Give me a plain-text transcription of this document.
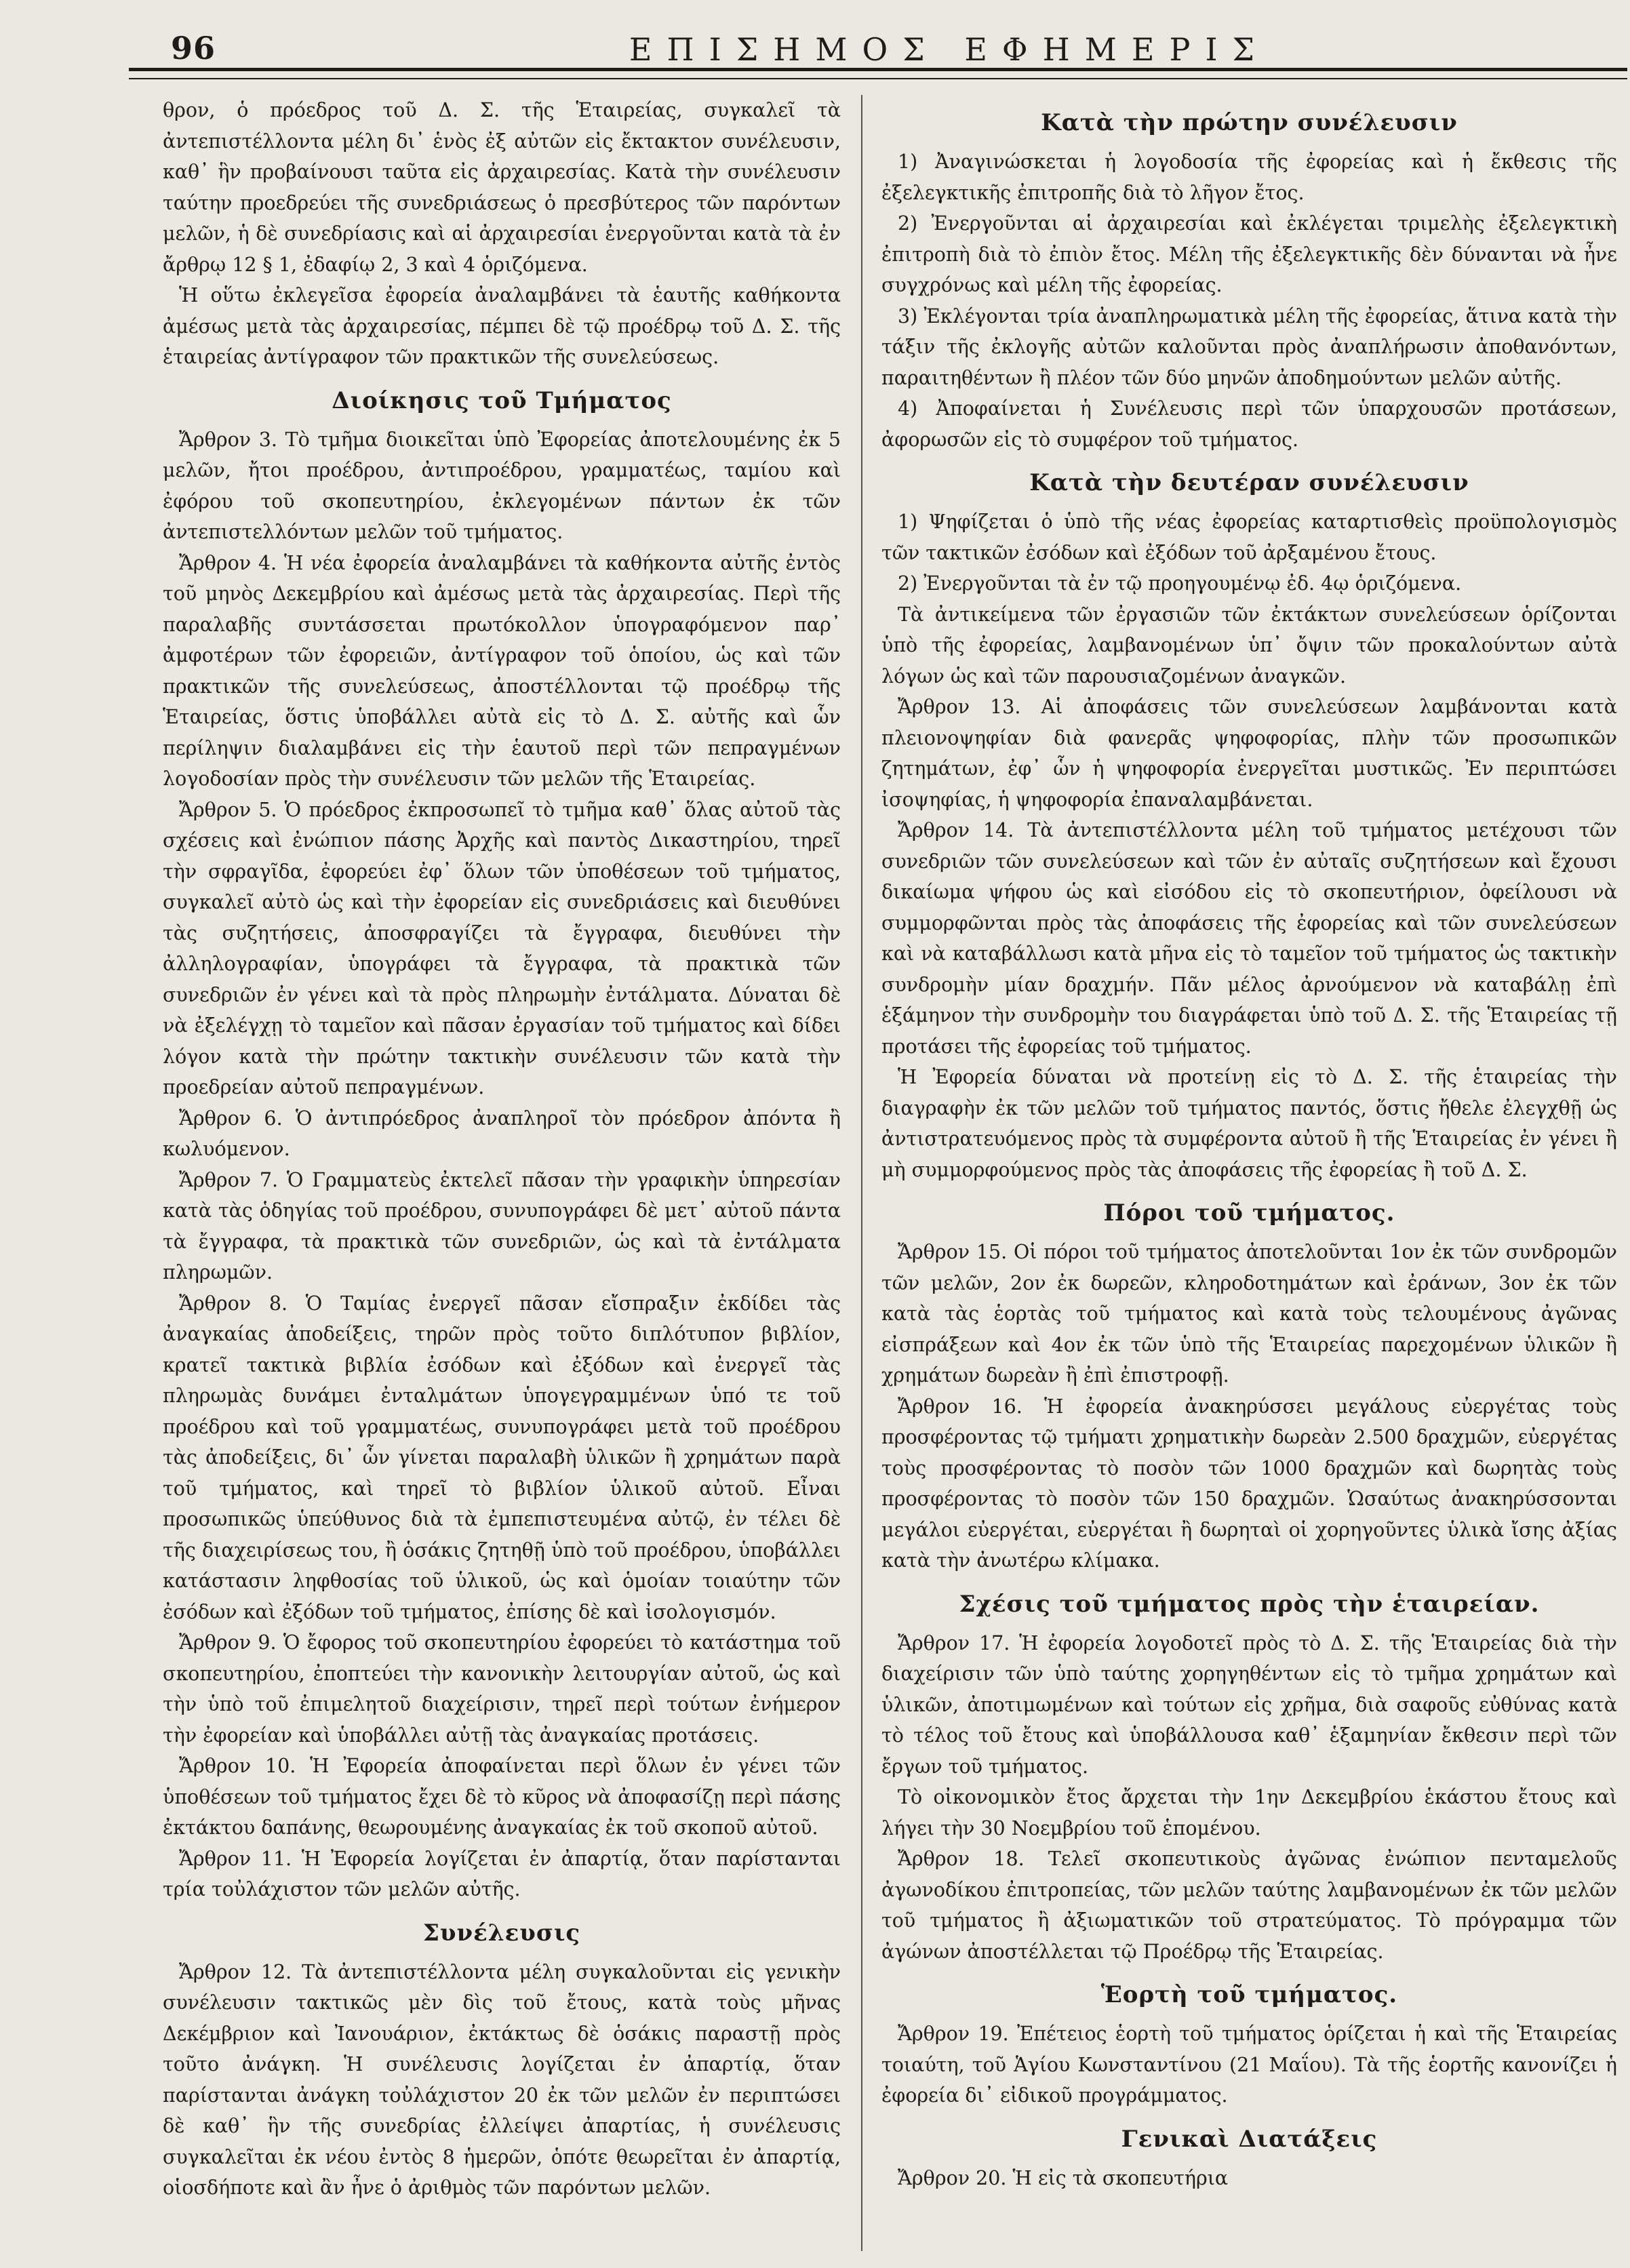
96	ΕΠΙΣΗΜΟΣ ΕΦΗΜΕΡΙΣ

θρον, ὁ πρόεδρος τοῦ Δ. Σ. τῆς Ἑταιρείας, συγκαλεῖ τὰ ἀντεπιστέλλοντα μέλη δι᾽ ἑνὸς ἐξ αὐτῶν εἰς ἔκτακτον συνέλευσιν, καθ᾽ ἣν προβαίνουσι ταῦτα εἰς ἀρχαιρεσίας. Κατὰ τὴν συνέλευσιν ταύτην προεδρεύει τῆς συνεδριάσεως ὁ πρεσβύτερος τῶν παρόντων μελῶν, ἡ δὲ συνεδρίασις καὶ αἱ ἀρχαιρεσίαι ἐνεργοῦνται κατὰ τὰ ἐν ἄρθρῳ 12 § 1, ἐδαφίῳ 2, 3 καὶ 4 ὁριζόμενα.

Ἡ οὕτω ἐκλεγεῖσα ἐφορεία ἀναλαμβάνει τὰ ἑαυτῆς καθήκοντα ἀμέσως μετὰ τὰς ἀρχαιρεσίας, πέμπει δὲ τῷ προέδρῳ τοῦ Δ. Σ. τῆς ἑταιρείας ἀντίγραφον τῶν πρακτικῶν τῆς συνελεύσεως.

Διοίκησις τοῦ Τμήματος

Ἄρθρον 3. Τὸ τμῆμα διοικεῖται ὑπὸ Ἐφορείας ἀποτελουμένης ἐκ 5 μελῶν, ἤτοι προέδρου, ἀντιπροέδρου, γραμματέως, ταμίου καὶ ἐφόρου τοῦ σκοπευτηρίου, ἐκλεγομένων πάντων ἐκ τῶν ἀντεπιστελλόντων μελῶν τοῦ τμήματος.

Ἄρθρον 4. Ἡ νέα ἐφορεία ἀναλαμβάνει τὰ καθήκοντα αὐτῆς ἐντὸς τοῦ μηνὸς Δεκεμβρίου καὶ ἀμέσως μετὰ τὰς ἀρχαιρεσίας. Περὶ τῆς παραλαβῆς συντάσσεται πρωτόκολλον ὑπογραφόμενον παρ᾽ ἀμφοτέρων τῶν ἐφορειῶν, ἀντίγραφον τοῦ ὁποίου, ὡς καὶ τῶν πρακτικῶν τῆς συνελεύσεως, ἀποστέλλονται τῷ προέδρῳ τῆς Ἑταιρείας, ὅστις ὑποβάλλει αὐτὰ εἰς τὸ Δ. Σ. αὐτῆς καὶ ὧν περίληψιν διαλαμβάνει εἰς τὴν ἑαυτοῦ περὶ τῶν πεπραγμένων λογοδοσίαν πρὸς τὴν συνέλευσιν τῶν μελῶν τῆς Ἑταιρείας.

Ἄρθρον 5. Ὁ πρόεδρος ἐκπροσωπεῖ τὸ τμῆμα καθ᾽ ὅλας αὐτοῦ τὰς σχέσεις καὶ ἐνώπιον πάσης Ἀρχῆς καὶ παντὸς Δικαστηρίου, τηρεῖ τὴν σφραγῖδα, ἐφορεύει ἐφ᾽ ὅλων τῶν ὑποθέσεων τοῦ τμήματος, συγκαλεῖ αὐτὸ ὡς καὶ τὴν ἐφορείαν εἰς συνεδριάσεις καὶ διευθύνει τὰς συζητήσεις, ἀποσφραγίζει τὰ ἔγγραφα, διευθύνει τὴν ἀλληλογραφίαν, ὑπογράφει τὰ ἔγγραφα, τὰ πρακτικὰ τῶν συνεδριῶν ἐν γένει καὶ τὰ πρὸς πληρωμὴν ἐντάλματα. Δύναται δὲ νὰ ἐξελέγχῃ τὸ ταμεῖον καὶ πᾶσαν ἐργασίαν τοῦ τμήματος καὶ δίδει λόγον κατὰ τὴν πρώτην τακτικὴν συνέλευσιν τῶν κατὰ τὴν προεδρείαν αὐτοῦ πεπραγμένων.

Ἄρθρον 6. Ὁ ἀντιπρόεδρος ἀναπληροῖ τὸν πρόεδρον ἀπόντα ἢ κωλυόμενον.

Ἄρθρον 7. Ὁ Γραμματεὺς ἐκτελεῖ πᾶσαν τὴν γραφικὴν ὑπηρεσίαν κατὰ τὰς ὁδηγίας τοῦ προέδρου, συνυπογράφει δὲ μετ᾽ αὐτοῦ πάντα τὰ ἔγγραφα, τὰ πρακτικὰ τῶν συνεδριῶν, ὡς καὶ τὰ ἐντάλματα πληρωμῶν.

Ἄρθρον 8. Ὁ Ταμίας ἐνεργεῖ πᾶσαν εἴσπραξιν ἐκδίδει τὰς ἀναγκαίας ἀποδείξεις, τηρῶν πρὸς τοῦτο διπλότυπον βιβλίον, κρατεῖ τακτικὰ βιβλία ἐσόδων καὶ ἐξόδων καὶ ἐνεργεῖ τὰς πληρωμὰς δυνάμει ἐνταλμάτων ὑπογεγραμμένων ὑπό τε τοῦ προέδρου καὶ τοῦ γραμματέως, συνυπογράφει μετὰ τοῦ προέδρου τὰς ἀποδείξεις, δι᾽ ὧν γίνεται παραλαβὴ ὑλικῶν ἢ χρημάτων παρὰ τοῦ τμήματος, καὶ τηρεῖ τὸ βιβλίον ὑλικοῦ αὐτοῦ. Εἶναι προσωπικῶς ὑπεύθυνος διὰ τὰ ἐμπεπιστευμένα αὐτῷ, ἐν τέλει δὲ τῆς διαχειρίσεως του, ἢ ὁσάκις ζητηθῇ ὑπὸ τοῦ προέδρου, ὑποβάλλει κατάστασιν ληφθοσίας τοῦ ὑλικοῦ, ὡς καὶ ὁμοίαν τοιαύτην τῶν ἐσόδων καὶ ἐξόδων τοῦ τμήματος, ἐπίσης δὲ καὶ ἰσολογισμόν.

Ἄρθρον 9. Ὁ ἔφορος τοῦ σκοπευτηρίου ἐφορεύει τὸ κατάστημα τοῦ σκοπευτηρίου, ἐποπτεύει τὴν κανονικὴν λειτουργίαν αὐτοῦ, ὡς καὶ τὴν ὑπὸ τοῦ ἐπιμελητοῦ διαχείρισιν, τηρεῖ περὶ τούτων ἐνήμερον τὴν ἐφορείαν καὶ ὑποβάλλει αὐτῇ τὰς ἀναγκαίας προτάσεις.

Ἄρθρον 10. Ἡ Ἐφορεία ἀποφαίνεται περὶ ὅλων ἐν γένει τῶν ὑποθέσεων τοῦ τμήματος ἔχει δὲ τὸ κῦρος νὰ ἀποφασίζῃ περὶ πάσης ἐκτάκτου δαπάνης, θεωρουμένης ἀναγκαίας ἐκ τοῦ σκοποῦ αὐτοῦ.

Ἄρθρον 11. Ἡ Ἐφορεία λογίζεται ἐν ἀπαρτίᾳ, ὅταν παρίστανται τρία τοὐλάχιστον τῶν μελῶν αὐτῆς.

Συνέλευσις

Ἄρθρον 12. Τὰ ἀντεπιστέλλοντα μέλη συγκαλοῦνται εἰς γενικὴν συνέλευσιν τακτικῶς μὲν δὶς τοῦ ἔτους, κατὰ τοὺς μῆνας Δεκέμβριον καὶ Ἰανουάριον, ἐκτάκτως δὲ ὁσάκις παραστῇ πρὸς τοῦτο ἀνάγκη. Ἡ συνέλευσις λογίζεται ἐν ἀπαρτίᾳ, ὅταν παρίστανται ἀνάγκη τοὐλάχιστον 20 ἐκ τῶν μελῶν ἐν περιπτώσει δὲ καθ᾽ ἣν τῆς συνεδρίας ἐλλείψει ἀπαρτίας, ἡ συνέλευσις συγκαλεῖται ἐκ νέου ἐντὸς 8 ἡμερῶν, ὁπότε θεωρεῖται ἐν ἀπαρτίᾳ, οἱοσδήποτε καὶ ἂν ἦνε ὁ ἀριθμὸς τῶν παρόντων μελῶν.

Κατὰ τὴν πρώτην συνέλευσιν

1) Ἀναγινώσκεται ἡ λογοδοσία τῆς ἐφορείας καὶ ἡ ἔκθεσις τῆς ἐξελεγκτικῆς ἐπιτροπῆς διὰ τὸ λῆγον ἔτος.

2) Ἐνεργοῦνται αἱ ἀρχαιρεσίαι καὶ ἐκλέγεται τριμελὴς ἐξελεγκτικὴ ἐπιτροπὴ διὰ τὸ ἐπιὸν ἔτος. Μέλη τῆς ἐξελεγκτικῆς δὲν δύνανται νὰ ἦνε συγχρόνως καὶ μέλη τῆς ἐφορείας.

3) Ἐκλέγονται τρία ἀναπληρωματικὰ μέλη τῆς ἐφορείας, ἅτινα κατὰ τὴν τάξιν τῆς ἐκλογῆς αὐτῶν καλοῦνται πρὸς ἀναπλήρωσιν ἀποθανόντων, παραιτηθέντων ἢ πλέον τῶν δύο μηνῶν ἀποδημούντων μελῶν αὐτῆς.

4) Ἀποφαίνεται ἡ Συνέλευσις περὶ τῶν ὑπαρχουσῶν προτάσεων, ἀφορωσῶν εἰς τὸ συμφέρον τοῦ τμήματος.

Κατὰ τὴν δευτέραν συνέλευσιν

1) Ψηφίζεται ὁ ὑπὸ τῆς νέας ἐφορείας καταρτισθεὶς προϋπολογισμὸς τῶν τακτικῶν ἐσόδων καὶ ἐξόδων τοῦ ἀρξαμένου ἔτους.

2) Ἐνεργοῦνται τὰ ἐν τῷ προηγουμένῳ ἐδ. 4ῳ ὁριζόμενα.

Τὰ ἀντικείμενα τῶν ἐργασιῶν τῶν ἐκτάκτων συνελεύσεων ὁρίζονται ὑπὸ τῆς ἐφορείας, λαμβανομένων ὑπ᾽ ὄψιν τῶν προκαλούντων αὐτὰ λόγων ὡς καὶ τῶν παρουσιαζομένων ἀναγκῶν.

Ἄρθρον 13. Αἱ ἀποφάσεις τῶν συνελεύσεων λαμβάνονται κατὰ πλειονοψηφίαν διὰ φανερᾶς ψηφοφορίας, πλὴν τῶν προσωπικῶν ζητημάτων, ἐφ᾽ ὧν ἡ ψηφοφορία ἐνεργεῖται μυστικῶς. Ἐν περιπτώσει ἰσοψηφίας, ἡ ψηφοφορία ἐπαναλαμβάνεται.

Ἄρθρον 14. Τὰ ἀντεπιστέλλοντα μέλη τοῦ τμήματος μετέχουσι τῶν συνεδριῶν τῶν συνελεύσεων καὶ τῶν ἐν αὐταῖς συζητήσεων καὶ ἔχουσι δικαίωμα ψήφου ὡς καὶ εἰσόδου εἰς τὸ σκοπευτήριον, ὀφείλουσι νὰ συμμορφῶνται πρὸς τὰς ἀποφάσεις τῆς ἐφορείας καὶ τῶν συνελεύσεων καὶ νὰ καταβάλλωσι κατὰ μῆνα εἰς τὸ ταμεῖον τοῦ τμήματος ὡς τακτικὴν συνδρομὴν μίαν δραχμήν. Πᾶν μέλος ἀρνούμενον νὰ καταβάλῃ ἐπὶ ἑξάμηνον τὴν συνδρομὴν του διαγράφεται ὑπὸ τοῦ Δ. Σ. τῆς Ἑταιρείας τῇ προτάσει τῆς ἐφορείας τοῦ τμήματος.

Ἡ Ἐφορεία δύναται νὰ προτείνῃ εἰς τὸ Δ. Σ. τῆς ἑταιρείας τὴν διαγραφὴν ἐκ τῶν μελῶν τοῦ τμήματος παντός, ὅστις ἤθελε ἐλεγχθῇ ὡς ἀντιστρατευόμενος πρὸς τὰ συμφέροντα αὐτοῦ ἢ τῆς Ἑταιρείας ἐν γένει ἢ μὴ συμμορφούμενος πρὸς τὰς ἀποφάσεις τῆς ἐφορείας ἢ τοῦ Δ. Σ.

Πόροι τοῦ τμήματος.

Ἄρθρον 15. Οἱ πόροι τοῦ τμήματος ἀποτελοῦνται 1ον ἐκ τῶν συνδρομῶν τῶν μελῶν, 2ον ἐκ δωρεῶν, κληροδοτημάτων καὶ ἐράνων, 3ον ἐκ τῶν κατὰ τὰς ἑορτὰς τοῦ τμήματος καὶ κατὰ τοὺς τελουμένους ἀγῶνας εἰσπράξεων καὶ 4ον ἐκ τῶν ὑπὸ τῆς Ἑταιρείας παρεχομένων ὑλικῶν ἢ χρημάτων δωρεὰν ἢ ἐπὶ ἐπιστροφῇ.

Ἄρθρον 16. Ἡ ἐφορεία ἀνακηρύσσει μεγάλους εὐεργέτας τοὺς προσφέροντας τῷ τμήματι χρηματικὴν δωρεὰν 2.500 δραχμῶν, εὐεργέτας τοὺς προσφέροντας τὸ ποσὸν τῶν 1000 δραχμῶν καὶ δωρητὰς τοὺς προσφέροντας τὸ ποσὸν τῶν 150 δραχμῶν. Ὡσαύτως ἀνακηρύσσονται μεγάλοι εὐεργέται, εὐεργέται ἢ δωρηταὶ οἱ χορηγοῦντες ὑλικὰ ἴσης ἀξίας κατὰ τὴν ἀνωτέρω κλίμακα.

Σχέσις τοῦ τμήματος πρὸς τὴν ἑταιρείαν.

Ἄρθρον 17. Ἡ ἐφορεία λογοδοτεῖ πρὸς τὸ Δ. Σ. τῆς Ἑταιρείας διὰ τὴν διαχείρισιν τῶν ὑπὸ ταύτης χορηγηθέντων εἰς τὸ τμῆμα χρημάτων καὶ ὑλικῶν, ἀποτιμωμένων καὶ τούτων εἰς χρῆμα, διὰ σαφοῦς εὐθύνας κατὰ τὸ τέλος τοῦ ἔτους καὶ ὑποβάλλουσα καθ᾽ ἑξαμηνίαν ἔκθεσιν περὶ τῶν ἔργων τοῦ τμήματος.

Τὸ οἰκονομικὸν ἔτος ἄρχεται τὴν 1ην Δεκεμβρίου ἑκάστου ἔτους καὶ λήγει τὴν 30 Νοεμβρίου τοῦ ἑπομένου.

Ἄρθρον 18. Τελεῖ σκοπευτικοὺς ἀγῶνας ἐνώπιον πενταμελοῦς ἀγωνοδίκου ἐπιτροπείας, τῶν μελῶν ταύτης λαμβανομένων ἐκ τῶν μελῶν τοῦ τμήματος ἢ ἀξιωματικῶν τοῦ στρατεύματος. Τὸ πρόγραμμα τῶν ἀγώνων ἀποστέλλεται τῷ Προέδρῳ τῆς Ἑταιρείας.

Ἑορτὴ τοῦ τμήματος.

Ἄρθρον 19. Ἐπέτειος ἑορτὴ τοῦ τμήματος ὁρίζεται ἡ καὶ τῆς Ἑταιρείας τοιαύτη, τοῦ Ἁγίου Κωνσταντίνου (21 Μαΐου). Τὰ τῆς ἑορτῆς κανονίζει ἡ ἐφορεία δι᾽ εἰδικοῦ προγράμματος.

Γενικαὶ Διατάξεις

Ἄρθρον 20. Ἡ εἰς τὰ σκοπευτήρια
